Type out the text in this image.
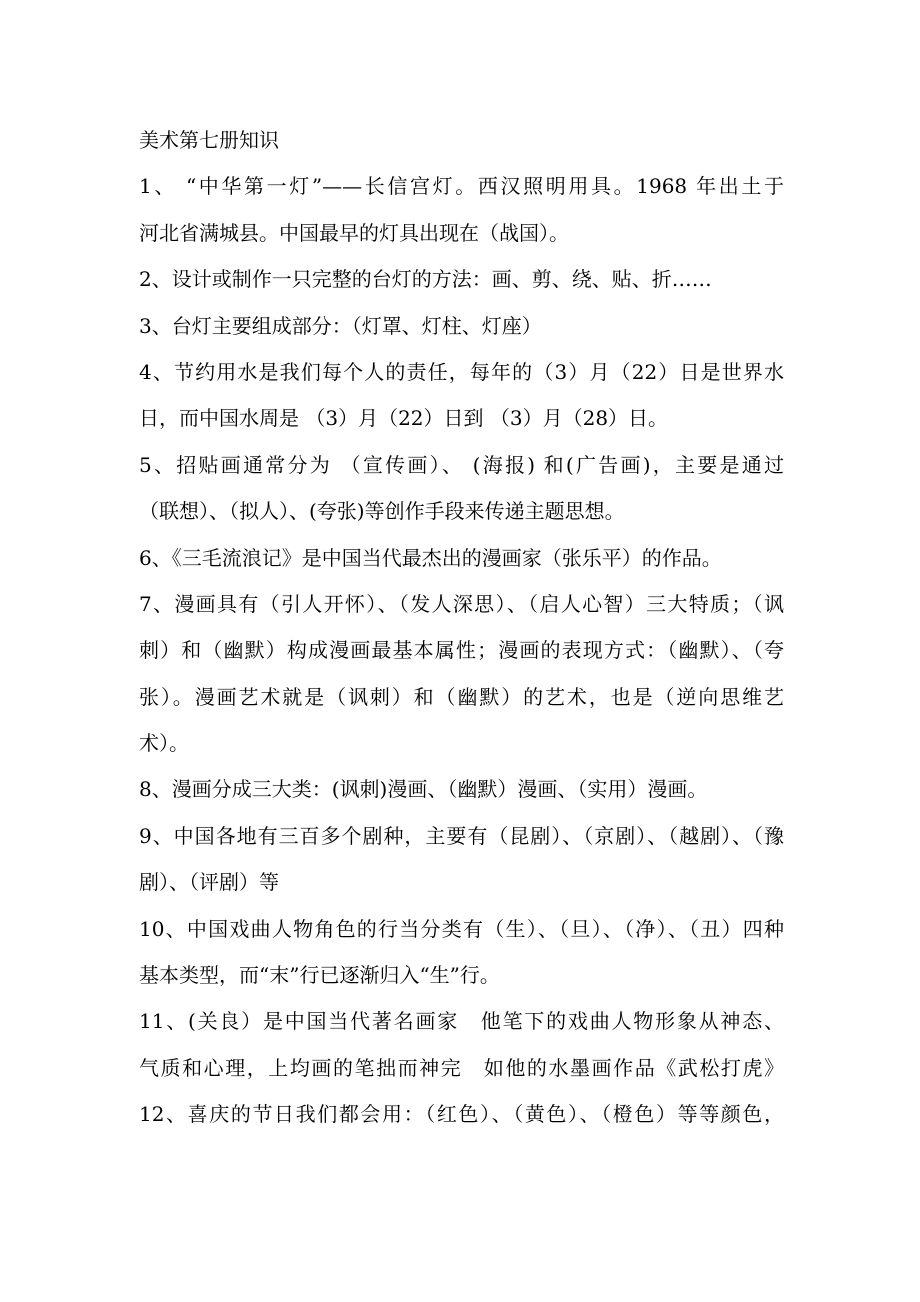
美术第七册知识
1、 “中华第一灯”——长信宫灯。西汉照明用具。1968 年出土于
河北省满城县。中国最早的灯具出现在（战国）。
2、设计或制作一只完整的台灯的方法：画、剪、绕、贴、折……
3、台灯主要组成部分：（灯罩、灯柱、灯座）
4、节约用水是我们每个人的责任，每年的（3）月（22）日是世界水
日，而中国水周是 （3）月（22）日到 （3）月（28）日。
5、招贴画通常分为 （宣传画）、 (海报) 和(广告画)，主要是通过
（联想）、（拟人）、(夸张)等创作手段来传递主题思想。
6、《三毛流浪记》是中国当代最杰出的漫画家（张乐平）的作品。
7、漫画具有（引人开怀）、（发人深思）、（启人心智）三大特质；（讽
刺）和（幽默）构成漫画最基本属性；漫画的表现方式：（幽默）、（夸
张）。漫画艺术就是（讽刺）和（幽默）的艺术，也是（逆向思维艺
术）。
8、漫画分成三大类：(讽刺)漫画、（幽默）漫画、（实用）漫画。
9、中国各地有三百多个剧种，主要有（昆剧）、（京剧）、（越剧）、（豫
剧）、（评剧）等
10、中国戏曲人物角色的行当分类有（生）、（旦）、（净）、（丑）四种
基本类型，而“末”行已逐渐归入“生”行。
11、(关良）是中国当代著名画家　他笔下的戏曲人物形象从神态、
气质和心理，上均画的笔拙而神完　如他的水墨画作品《武松打虎》
12、喜庆的节日我们都会用：（红色）、（黄色）、（橙色）等等颜色，
